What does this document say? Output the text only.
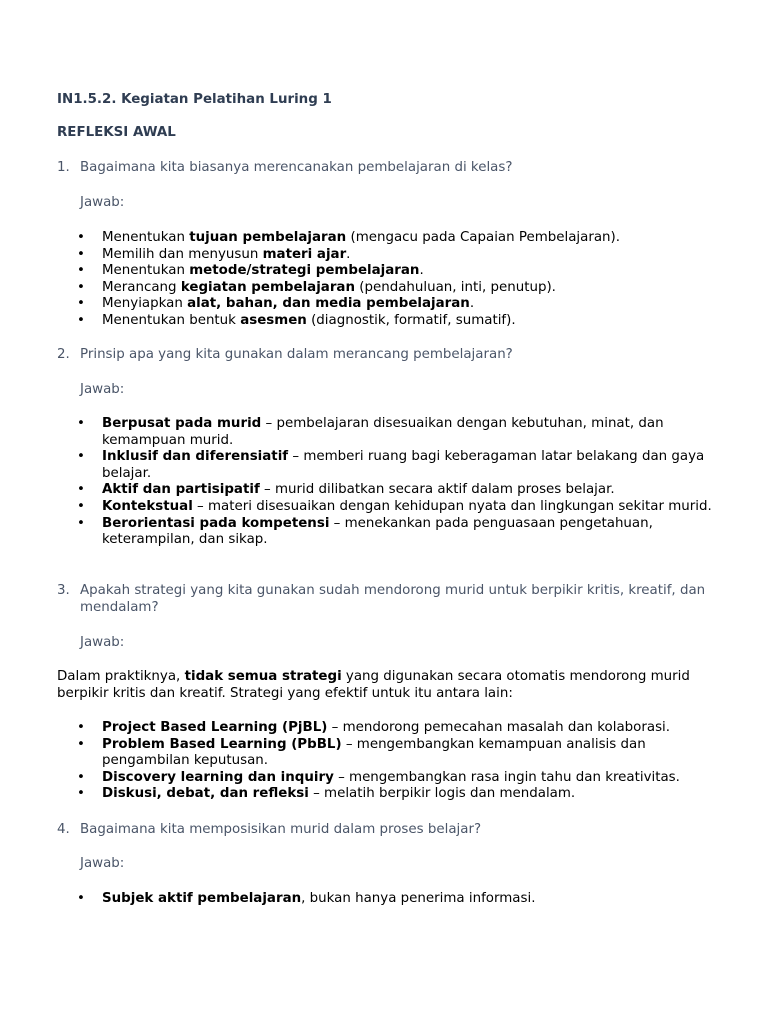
IN1.5.2. Kegiatan Pelatihan Luring 1

REFLEKSI AWAL

1. Bagaimana kita biasanya merencanakan pembelajaran di kelas?
Jawab:
• Menentukan tujuan pembelajaran (mengacu pada Capaian Pembelajaran).
• Memilih dan menyusun materi ajar.
• Menentukan metode/strategi pembelajaran.
• Merancang kegiatan pembelajaran (pendahuluan, inti, penutup).
• Menyiapkan alat, bahan, dan media pembelajaran.
• Menentukan bentuk asesmen (diagnostik, formatif, sumatif).
2. Prinsip apa yang kita gunakan dalam merancang pembelajaran?
Jawab:
• Berpusat pada murid – pembelajaran disesuaikan dengan kebutuhan, minat, dan kemampuan murid.
• Inklusif dan diferensiatif – memberi ruang bagi keberagaman latar belakang dan gaya belajar.
• Aktif dan partisipatif – murid dilibatkan secara aktif dalam proses belajar.
• Kontekstual – materi disesuaikan dengan kehidupan nyata dan lingkungan sekitar murid.
• Berorientasi pada kompetensi – menekankan pada penguasaan pengetahuan, keterampilan, dan sikap.
3. Apakah strategi yang kita gunakan sudah mendorong murid untuk berpikir kritis, kreatif, dan mendalam?
Jawab:

Dalam praktiknya, tidak semua strategi yang digunakan secara otomatis mendorong murid berpikir kritis dan kreatif. Strategi yang efektif untuk itu antara lain:

• Project Based Learning (PjBL) – mendorong pemecahan masalah dan kolaborasi.
• Problem Based Learning (PbBL) – mengembangkan kemampuan analisis dan pengambilan keputusan.
• Discovery learning dan inquiry – mengembangkan rasa ingin tahu dan kreativitas.
• Diskusi, debat, dan refleksi – melatih berpikir logis dan mendalam.
4. Bagaimana kita memposisikan murid dalam proses belajar?
Jawab:
• Subjek aktif pembelajaran, bukan hanya penerima informasi.
